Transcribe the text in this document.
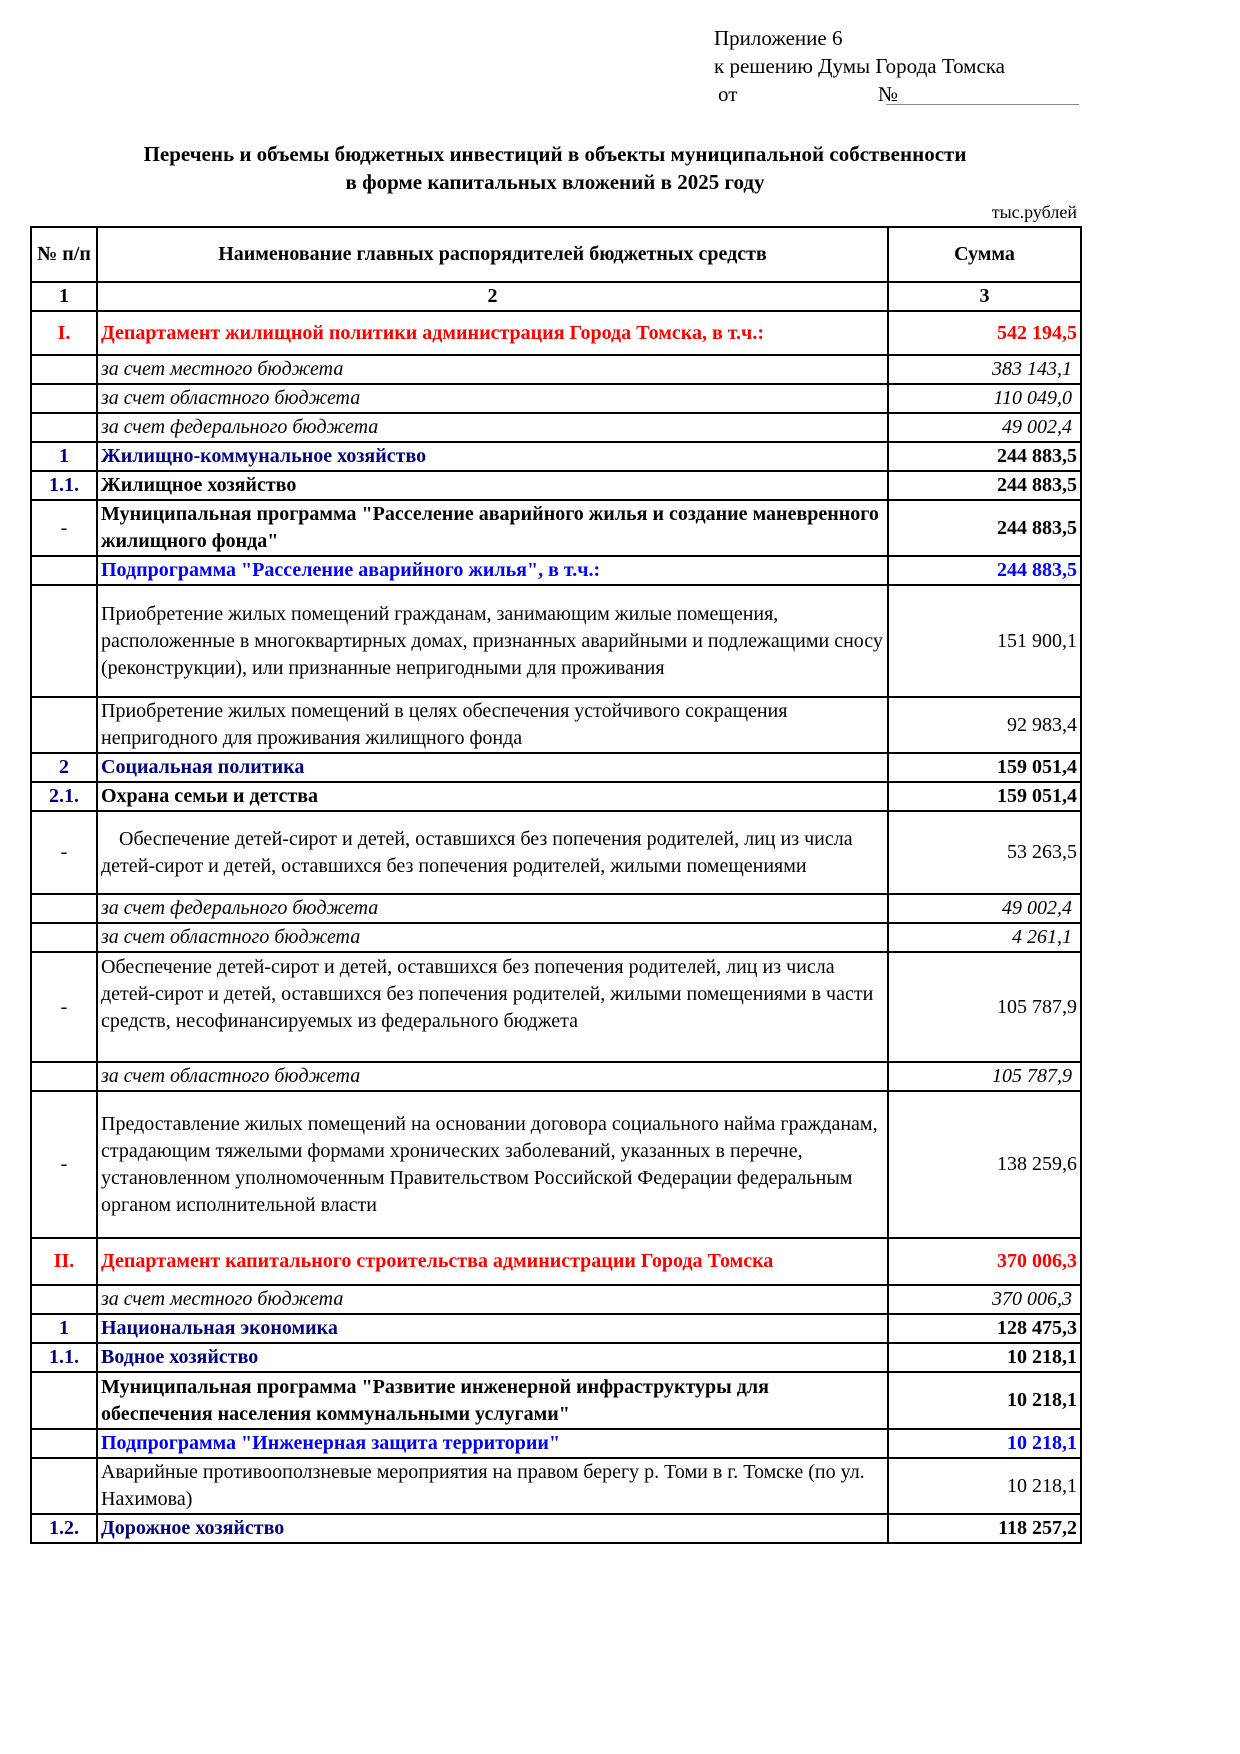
Приложение 6
к решению Думы Города Томска
от	№
Перечень и объемы бюджетных инвестиций в объекты муниципальной собственности
в форме капитальных вложений в 2025 году
тыс.рублей
№ п/п	Наименование главных распорядителей бюджетных средств	Сумма
1	2	3
I.	Департамент жилищной политики администрация Города Томска, в т.ч.:	542 194,5
	за счет местного бюджета	383 143,1
	за счет областного бюджета	110 049,0
	за счет федерального бюджета	49 002,4
1	Жилищно-коммунальное хозяйство	244 883,5
1.1.	Жилищное хозяйство	244 883,5
-	Муниципальная программа "Расселение аварийного жилья и создание маневренного жилищного фонда"	244 883,5
	Подпрограмма "Расселение аварийного жилья", в т.ч.:	244 883,5
	Приобретение жилых помещений гражданам, занимающим жилые помещения, расположенные в многоквартирных домах, признанных аварийными и подлежащими сносу (реконструкции), или признанные непригодными для проживания	151 900,1
	Приобретение жилых помещений в целях обеспечения устойчивого сокращения непригодного для проживания жилищного фонда	92 983,4
2	Социальная политика	159 051,4
2.1.	Охрана семьи и детства	159 051,4
-	Обеспечение детей-сирот и детей, оставшихся без попечения родителей, лиц из числа детей-сирот и детей, оставшихся без попечения родителей, жилыми помещениями	53 263,5
	за счет федерального бюджета	49 002,4
	за счет областного бюджета	4 261,1
-	Обеспечение детей-сирот и детей, оставшихся без попечения родителей, лиц из числа детей-сирот и детей, оставшихся без попечения родителей, жилыми помещениями в части средств, несофинансируемых из федерального бюджета	105 787,9
	за счет областного бюджета	105 787,9
-	Предоставление жилых помещений на основании договора социального найма гражданам, страдающим тяжелыми формами хронических заболеваний, указанных в перечне, установленном уполномоченным Правительством Российской Федерации федеральным органом исполнительной власти	138 259,6
II.	Департамент капитального строительства администрации Города Томска	370 006,3
	за счет местного бюджета	370 006,3
1	Национальная экономика	128 475,3
1.1.	Водное хозяйство	10 218,1
	Муниципальная программа "Развитие инженерной инфраструктуры для обеспечения населения коммунальными услугами"	10 218,1
	Подпрограмма "Инженерная защита территории"	10 218,1
	Аварийные противооползневые мероприятия на правом берегу р. Томи в г. Томске (по ул. Нахимова)	10 218,1
1.2.	Дорожное хозяйство	118 257,2
